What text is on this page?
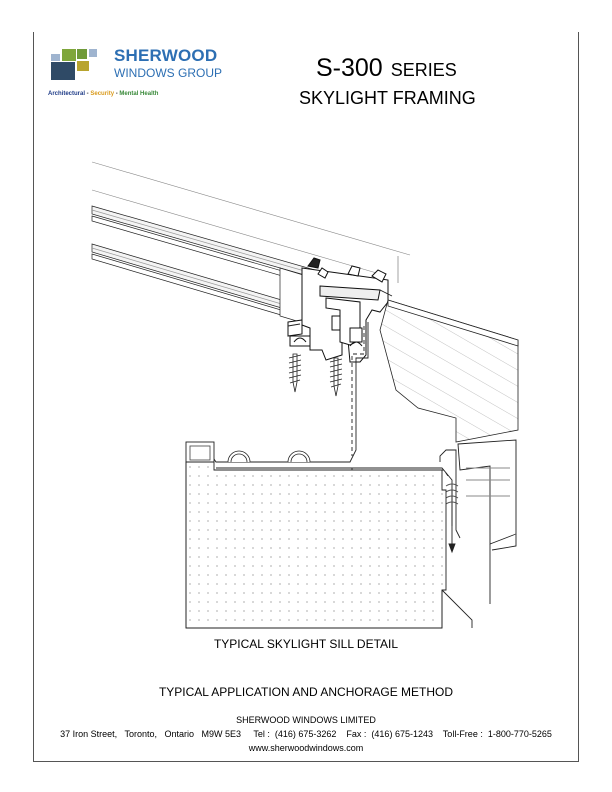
SHERWOOD
WINDOWS GROUP
Architectural - Security - Mental Health
S-300 SERIES
SKYLIGHT FRAMING
TYPICAL SKYLIGHT SILL DETAIL
TYPICAL APPLICATION AND ANCHORAGE METHOD
SHERWOOD WINDOWS LIMITED
37 Iron Street,   Toronto,   Ontario   M9W 5E3     Tel :  (416) 675-3262    Fax :  (416) 675-1243    Toll-Free :  1-800-770-5265
www.sherwoodwindows.com
